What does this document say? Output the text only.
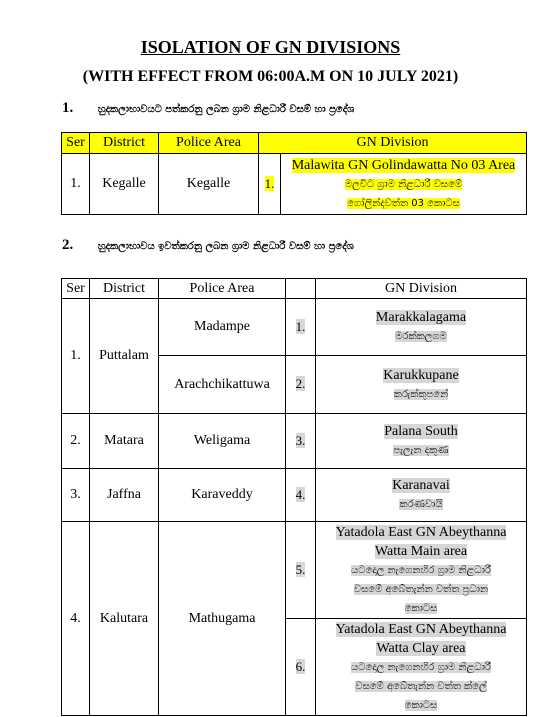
ISOLATION OF GN DIVISIONS
(WITH EFFECT FROM 06:00A.M ON 10 JULY 2021)
1. හුදකලාභාවයට පත්කරනු ලබන ග්‍රාම නිළධාරී වසම් හා ප්‍රදේශ
Ser	District	Police Area	GN Division	
1.	Kegalle	Kegalle	1.	Malawita GN Golindawatta No 03 Area
මලවිට ග්‍රාම නිළධාරී වසමේ
ගෝලින්දවත්ත 03 කොටස
2. හුදකලාභාවය ඉවත්කරනු ලබන ග්‍රාම නිළධාරී වසම් හා ප්‍රදේශ
Ser	District	Police Area		GN Division
1.	Puttalam	Madampe	1.	Marakkalagama
මරක්කලගම
		Arachchikattuwa	2.	Karukkupane
කරුක්කුපනේ
2.	Matara	Weligama	3.	Palana South
පැලැන දකුණ
3.	Jaffna	Karaveddy	4.	Karanavai
කරණවායි
4.	Kalutara	Mathugama	5.	Yatadola East GN Abeythanna
Watta Main area
යටදොල නැගෙනහිර ග්‍රාම නිළධාරී
වසමේ අබේතැන්න වත්ත ප්‍රධාන
කොටස
			6.	Yatadola East GN Abeythanna
Watta Clay area
යටදොල නැගෙනහිර ග්‍රාම නිළධාරී
වසමේ අබේතැන්න වත්ත ක්ලේ
කොටස
